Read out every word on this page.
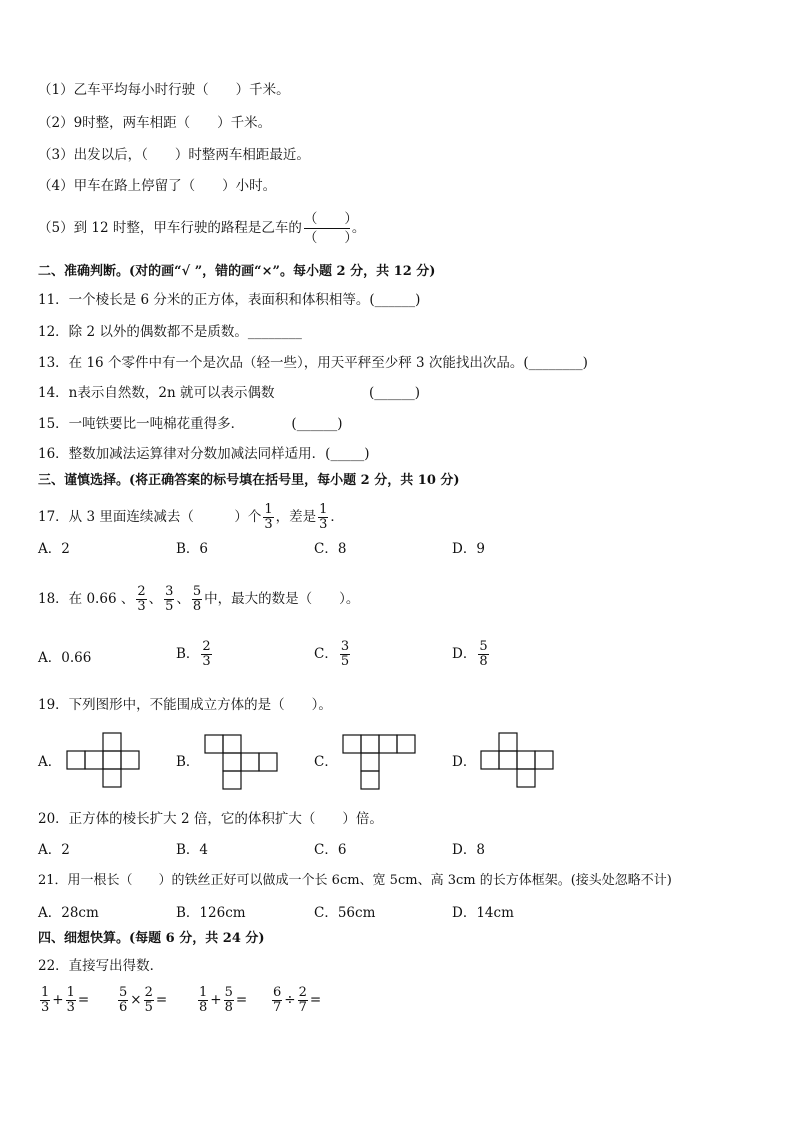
（1）乙车平均每小时行驶（　　）千米。
（2）9时整，两车相距（　　）千米。
（3）出发以后，（　　）时整两车相距最近。
（4）甲车在路上停留了（　　）小时。
（5）到 12 时整，甲车行驶的路程是乙车的 $\frac{( )}{( )}$ 。
二、准确判断。(对的画“√ ”，错的画“×”。每小题 2 分，共 12 分)
11．一个棱长是 6 分米的正方体，表面积和体积相等。(______)
12．除 2 以外的偶数都不是质数。________
13．在 16 个零件中有一个是次品（轻一些），用天平秤至少秤 3 次能找出次品。(________)
14．n表示自然数，2n 就可以表示偶数　　　　　　　(______)
15．一吨铁要比一吨棉花重得多．　　　　(______)
16．整数加减法运算律对分数加减法同样适用．(_____)
三、谨慎选择。(将正确答案的标号填在括号里，每小题 2 分，共 10 分)
17．从 3 里面连续减去（　　　）个 $\frac{1}{3}$ ，差是 $\frac{1}{3}$ ．
A．2	B．6	C．8	D．9
18．在 0.66 、 $\frac{2}{3}$ 、 $\frac{3}{5}$ 、 $\frac{5}{8}$ 中，最大的数是（　　）。
A．0.66	B． $\frac{2}{3}$	C． $\frac{3}{5}$	D． $\frac{5}{8}$
19．下列图形中，不能围成立方体的是（　　）。
A．	B．	C．	D．
20．正方体的棱长扩大 2 倍，它的体积扩大（　　）倍。
A．2	B．4	C．6	D．8
21．用一根长（　　）的铁丝正好可以做成一个长 6cm、宽 5cm、高 3cm 的长方体框架。(接头处忽略不计)
A．28cm	B．126cm	C．56cm	D．14cm
四、细想快算。(每题 6 分，共 24 分)
22．直接写出得数．
$\frac{1}{3} + \frac{1}{3} = \frac{5}{6} \times \frac{2}{5} = \frac{1}{8} + \frac{5}{8} = \frac{6}{7} \div \frac{2}{7}$ =
